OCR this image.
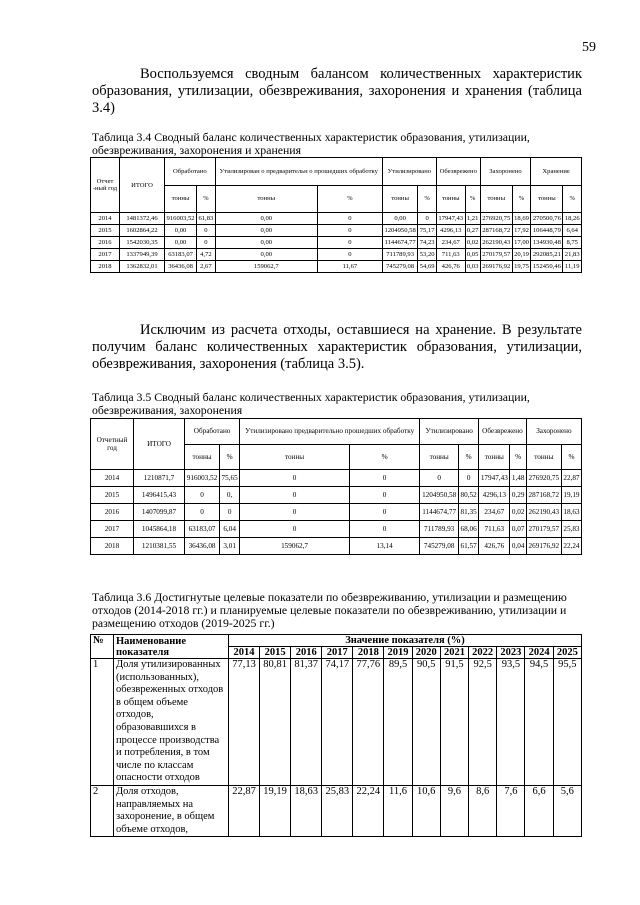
59
Воспользуемся сводным балансом количественных характеристик образования, утилизации, обезвреживания, захоронения и хранения (таблица 3.4)
Таблица 3.4 Сводный баланс количественных характеристик образования, утилизации, обезвреживания, захоронения и хранения
Отчет -ный год	ИТОГО	Обработано		Утилизирован о предварительн о прошедших обработку		Утилизировано		Обезврежено		Захоронено		Хранение	
		тонны	%	тонны	%	тонны	%	тонны	%	тонны	%	тонны	%
2014	1481372,46	916003,52	61,83	0,00	0	0,00	0	17947,43	1,21	276920,75	18,69	270500,76	18,26
2015	1602864,22	0,00	0	0,00	0	1204950,58	75,17	4296,13	0,27	287168,72	17,92	106448,79	6,64
2016	1542030,35	0,00	0	0,00	0	1144674,77	74,23	234,67	0,02	262190,43	17,00	134930,48	8,75
2017	1337949,39	63183,07	4,72	0,00	0	711789,93	53,20	711,63	0,05	270179,57	20,19	292085,21	21,83
2018	1362832,01	36436,08	2,67	159062,7	11,67	745279,08	54,69	426,76	0,03	269176,92	19,75	152450,46	11,19
Исключим из расчета отходы, оставшиеся на хранение. В результате получим баланс количественных характеристик образования, утилизации, обезвреживания, захоронения (таблица 3.5).
Таблица 3.5 Сводный баланс количественных характеристик образования, утилизации, обезвреживания, захоронения
Отчетный год	ИТОГО	Обработано		Утилизировано предварительно прошедших обработку		Утилизировано		Обезврежено		Захоронено	
		тонны	%	тонны	%	тонны	%	тонны	%	тонны	%
2014	1210871,7	916003,52	75,65	0	0	0	0	17947,43	1,48	276920,75	22,87
2015	1496415,43	0	0,	0	0	1204950,58	80,52	4296,13	0,29	287168,72	19,19
2016	1407099,87	0	0	0	0	1144674,77	81,35	234,67	0,02	262190,43	18,63
2017	1045864,18	63183,07	6,04	0	0	711789,93	68,06	711,63	0,07	270179,57	25,83
2018	1210381,55	36436,08	3,01	159062,7	13,14	745279,08	61,57	426,76	0,04	269176,92	22,24
Таблица 3.6 Достигнутые целевые показатели по обезвреживанию, утилизации и размещению отходов (2014-2018 гг.) и планируемые целевые показатели по обезвреживанию, утилизации и размещению отходов (2019-2025 гг.)
№	Наименование показателя	Значение показателя (%)											
		2014	2015	2016	2017	2018	2019	2020	2021	2022	2023	2024	2025
1	Доля утилизированных (использованных), обезвреженных отходов в общем объеме отходов, образовавшихся в процессе производства и потребления, в том числе по классам опасности отходов	77,13	80,81	81,37	74,17	77,76	89,5	90,5	91,5	92,5	93,5	94,5	95,5
2	Доля отходов, направляемых на захоронение, в общем объеме отходов,	22,87	19,19	18,63	25,83	22,24	11,6	10,6	9,6	8,6	7,6	6,6	5,6
